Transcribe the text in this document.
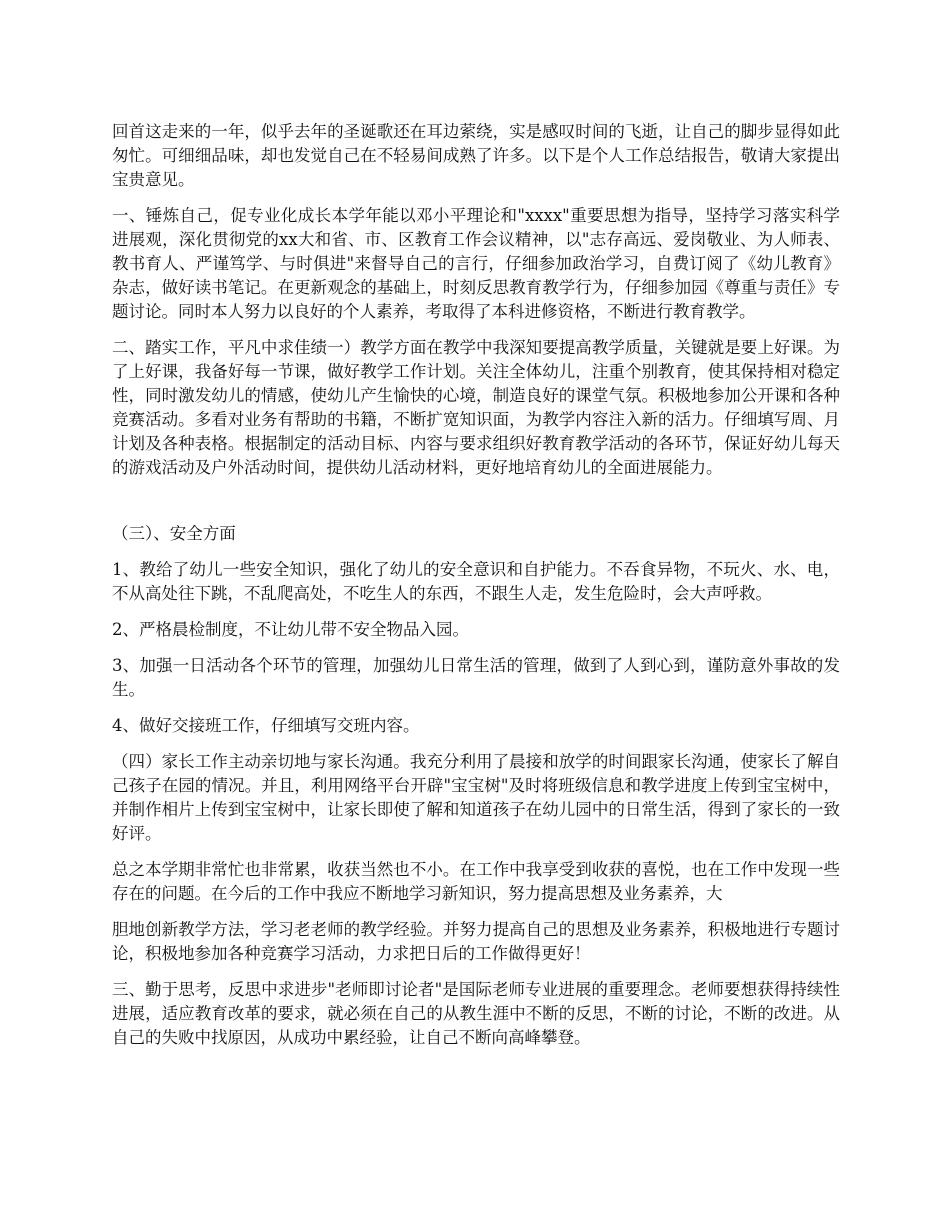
回首这走来的一年，似乎去年的圣诞歌还在耳边萦绕，实是感叹时间的飞逝，让自己的脚步显得如此匆忙。可细细品味，却也发觉自己在不轻易间成熟了许多。以下是个人工作总结报告，敬请大家提出宝贵意见。

一、锤炼自己，促专业化成长本学年能以邓小平理论和"xxxx"重要思想为指导，坚持学习落实科学进展观，深化贯彻党的xx大和省、市、区教育工作会议精神，以"志存高远、爱岗敬业、为人师表、教书育人、严谨笃学、与时俱进"来督导自己的言行，仔细参加政治学习，自费订阅了《幼儿教育》杂志，做好读书笔记。在更新观念的基础上，时刻反思教育教学行为，仔细参加园《尊重与责任》专题讨论。同时本人努力以良好的个人素养，考取得了本科进修资格，不断进行教育教学。

二、踏实工作，平凡中求佳绩一）教学方面在教学中我深知要提高教学质量，关键就是要上好课。为了上好课，我备好每一节课，做好教学工作计划。关注全体幼儿，注重个别教育，使其保持相对稳定性，同时激发幼儿的情感，使幼儿产生愉快的心境，制造良好的课堂气氛。积极地参加公开课和各种竞赛活动。多看对业务有帮助的书籍，不断扩宽知识面，为教学内容注入新的活力。仔细填写周、月计划及各种表格。根据制定的活动目标、内容与要求组织好教育教学活动的各环节，保证好幼儿每天的游戏活动及户外活动时间，提供幼儿活动材料，更好地培育幼儿的全面进展能力。

（三）、安全方面

1、教给了幼儿一些安全知识，强化了幼儿的安全意识和自护能力。不吞食异物，不玩火、水、电，不从高处往下跳，不乱爬高处，不吃生人的东西，不跟生人走，发生危险时，会大声呼救。

2、严格晨检制度，不让幼儿带不安全物品入园。

3、加强一日活动各个环节的管理，加强幼儿日常生活的管理，做到了人到心到，谨防意外事故的发生。

4、做好交接班工作，仔细填写交班内容。

（四）家长工作主动亲切地与家长沟通。我充分利用了晨接和放学的时间跟家长沟通，使家长了解自己孩子在园的情况。并且，利用网络平台开辟"宝宝树"及时将班级信息和教学进度上传到宝宝树中，并制作相片上传到宝宝树中，让家长即使了解和知道孩子在幼儿园中的日常生活，得到了家长的一致好评。

总之本学期非常忙也非常累，收获当然也不小。在工作中我享受到收获的喜悦，也在工作中发现一些存在的问题。在今后的工作中我应不断地学习新知识，努力提高思想及业务素养，大

胆地创新教学方法，学习老老师的教学经验。并努力提高自己的思想及业务素养，积极地进行专题讨论，积极地参加各种竞赛学习活动，力求把日后的工作做得更好！

三、勤于思考，反思中求进步"老师即讨论者"是国际老师专业进展的重要理念。老师要想获得持续性进展，适应教育改革的要求，就必须在自己的从教生涯中不断的反思，不断的讨论，不断的改进。从自己的失败中找原因，从成功中累经验，让自己不断向高峰攀登。
